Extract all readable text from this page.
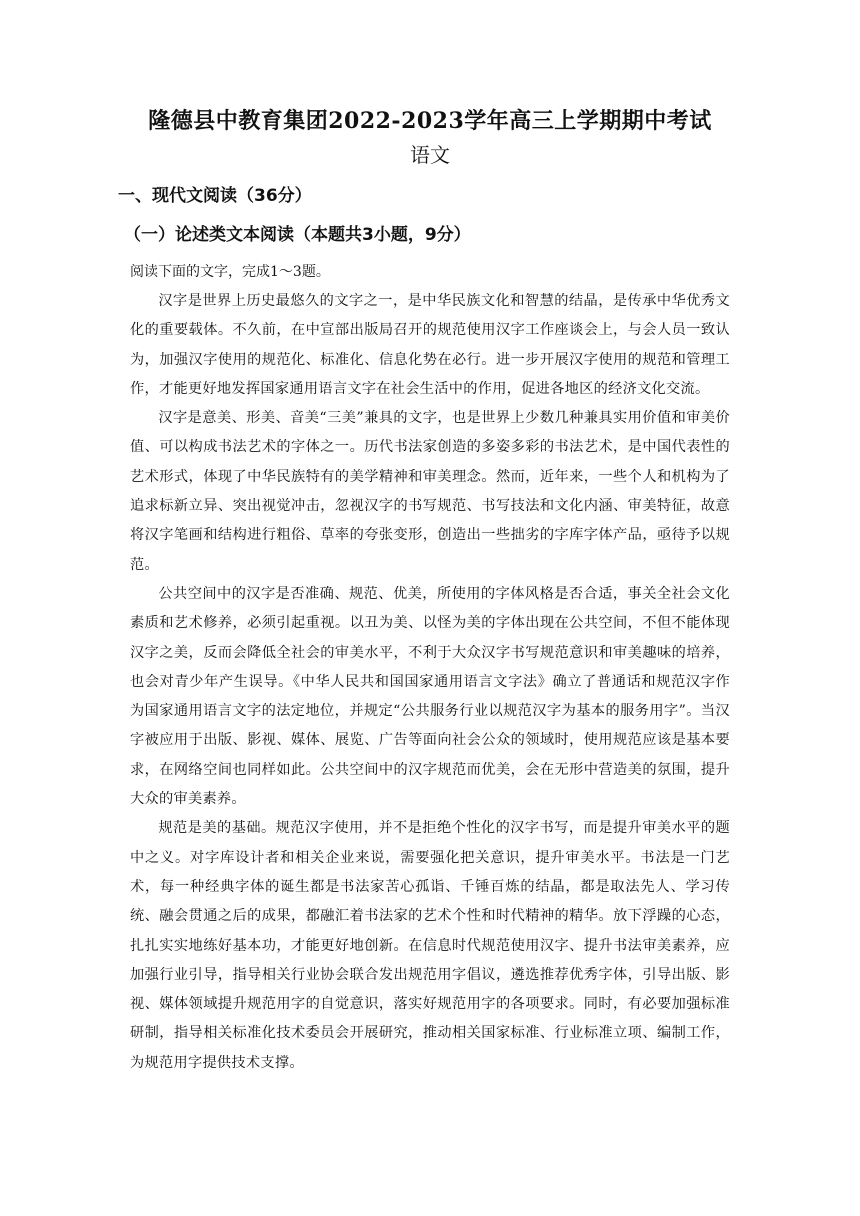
隆德县中教育集团2022-2023学年高三上学期期中考试
语文
一、现代文阅读（36分）
（一）论述类文本阅读（本题共3小题，9分）
阅读下面的文字，完成1～3题。

汉字是世界上历史最悠久的文字之一，是中华民族文化和智慧的结晶，是传承中华优秀文化的重要载体。不久前，在中宣部出版局召开的规范使用汉字工作座谈会上，与会人员一致认为，加强汉字使用的规范化、标准化、信息化势在必行。进一步开展汉字使用的规范和管理工作，才能更好地发挥国家通用语言文字在社会生活中的作用，促进各地区的经济文化交流。

汉字是意美、形美、音美“三美”兼具的文字，也是世界上少数几种兼具实用价值和审美价值、可以构成书法艺术的字体之一。历代书法家创造的多姿多彩的书法艺术，是中国代表性的艺术形式，体现了中华民族特有的美学精神和审美理念。然而，近年来，一些个人和机构为了追求标新立异、突出视觉冲击，忽视汉字的书写规范、书写技法和文化内涵、审美特征，故意将汉字笔画和结构进行粗俗、草率的夸张变形，创造出一些拙劣的字库字体产品，亟待予以规范。

公共空间中的汉字是否准确、规范、优美，所使用的字体风格是否合适，事关全社会文化素质和艺术修养，必须引起重视。以丑为美、以怪为美的字体出现在公共空间，不但不能体现汉字之美，反而会降低全社会的审美水平，不利于大众汉字书写规范意识和审美趣味的培养，也会对青少年产生误导。《中华人民共和国国家通用语言文字法》确立了普通话和规范汉字作为国家通用语言文字的法定地位，并规定“公共服务行业以规范汉字为基本的服务用字”。当汉字被应用于出版、影视、媒体、展览、广告等面向社会公众的领域时，使用规范应该是基本要求，在网络空间也同样如此。公共空间中的汉字规范而优美，会在无形中营造美的氛围，提升大众的审美素养。

规范是美的基础。规范汉字使用，并不是拒绝个性化的汉字书写，而是提升审美水平的题中之义。对字库设计者和相关企业来说，需要强化把关意识，提升审美水平。书法是一门艺术，每一种经典字体的诞生都是书法家苦心孤诣、千锤百炼的结晶，都是取法先人、学习传统、融会贯通之后的成果，都融汇着书法家的艺术个性和时代精神的精华。放下浮躁的心态，扎扎实实地练好基本功，才能更好地创新。在信息时代规范使用汉字、提升书法审美素养，应加强行业引导，指导相关行业协会联合发出规范用字倡议，遴选推荐优秀字体，引导出版、影视、媒体领域提升规范用字的自觉意识，落实好规范用字的各项要求。同时，有必要加强标准研制，指导相关标准化技术委员会开展研究，推动相关国家标准、行业标准立项、编制工作，为规范用字提供技术支撑。
